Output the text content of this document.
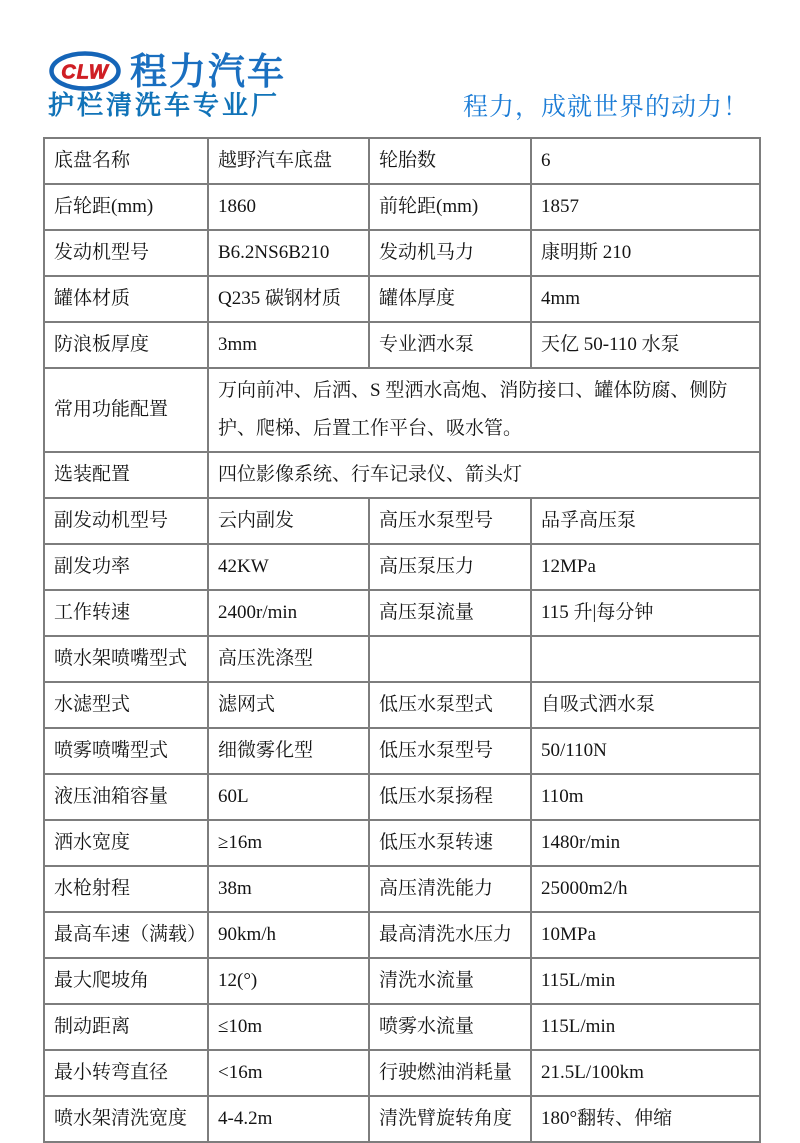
CLW 程力汽车
护栏清洗车专业厂	程力，成就世界的动力！
底盘名称	越野汽车底盘	轮胎数	6
后轮距(mm)	1860	前轮距(mm)	1857
发动机型号	B6.2NS6B210	发动机马力	康明斯 210
罐体材质	Q235 碳钢材质	罐体厚度	4mm
防浪板厚度	3mm	专业洒水泵	天亿 50-110 水泵
常用功能配置	万向前冲、后洒、S 型洒水高炮、消防接口、罐体防腐、侧防护、爬梯、后置工作平台、吸水管。		
选装配置	四位影像系统、行车记录仪、箭头灯		
副发动机型号	云内副发	高压水泵型号	品孚高压泵
副发功率	42KW	高压泵压力	12MPa
工作转速	2400r/min	高压泵流量	115 升|每分钟
喷水架喷嘴型式	高压洗涤型		
水滤型式	滤网式	低压水泵型式	自吸式洒水泵
喷雾喷嘴型式	细微雾化型	低压水泵型号	50/110N
液压油箱容量	60L	低压水泵扬程	110m
洒水宽度	≥16m	低压水泵转速	1480r/min
水枪射程	38m	高压清洗能力	25000m2/h
最高车速（满载）	90km/h	最高清洗水压力	10MPa
最大爬坡角	12(°)	清洗水流量	115L/min
制动距离	≤10m	喷雾水流量	115L/min
最小转弯直径	<16m	行驶燃油消耗量	21.5L/100km
喷水架清洗宽度	4-4.2m	清洗臂旋转角度	180°翻转、伸缩
